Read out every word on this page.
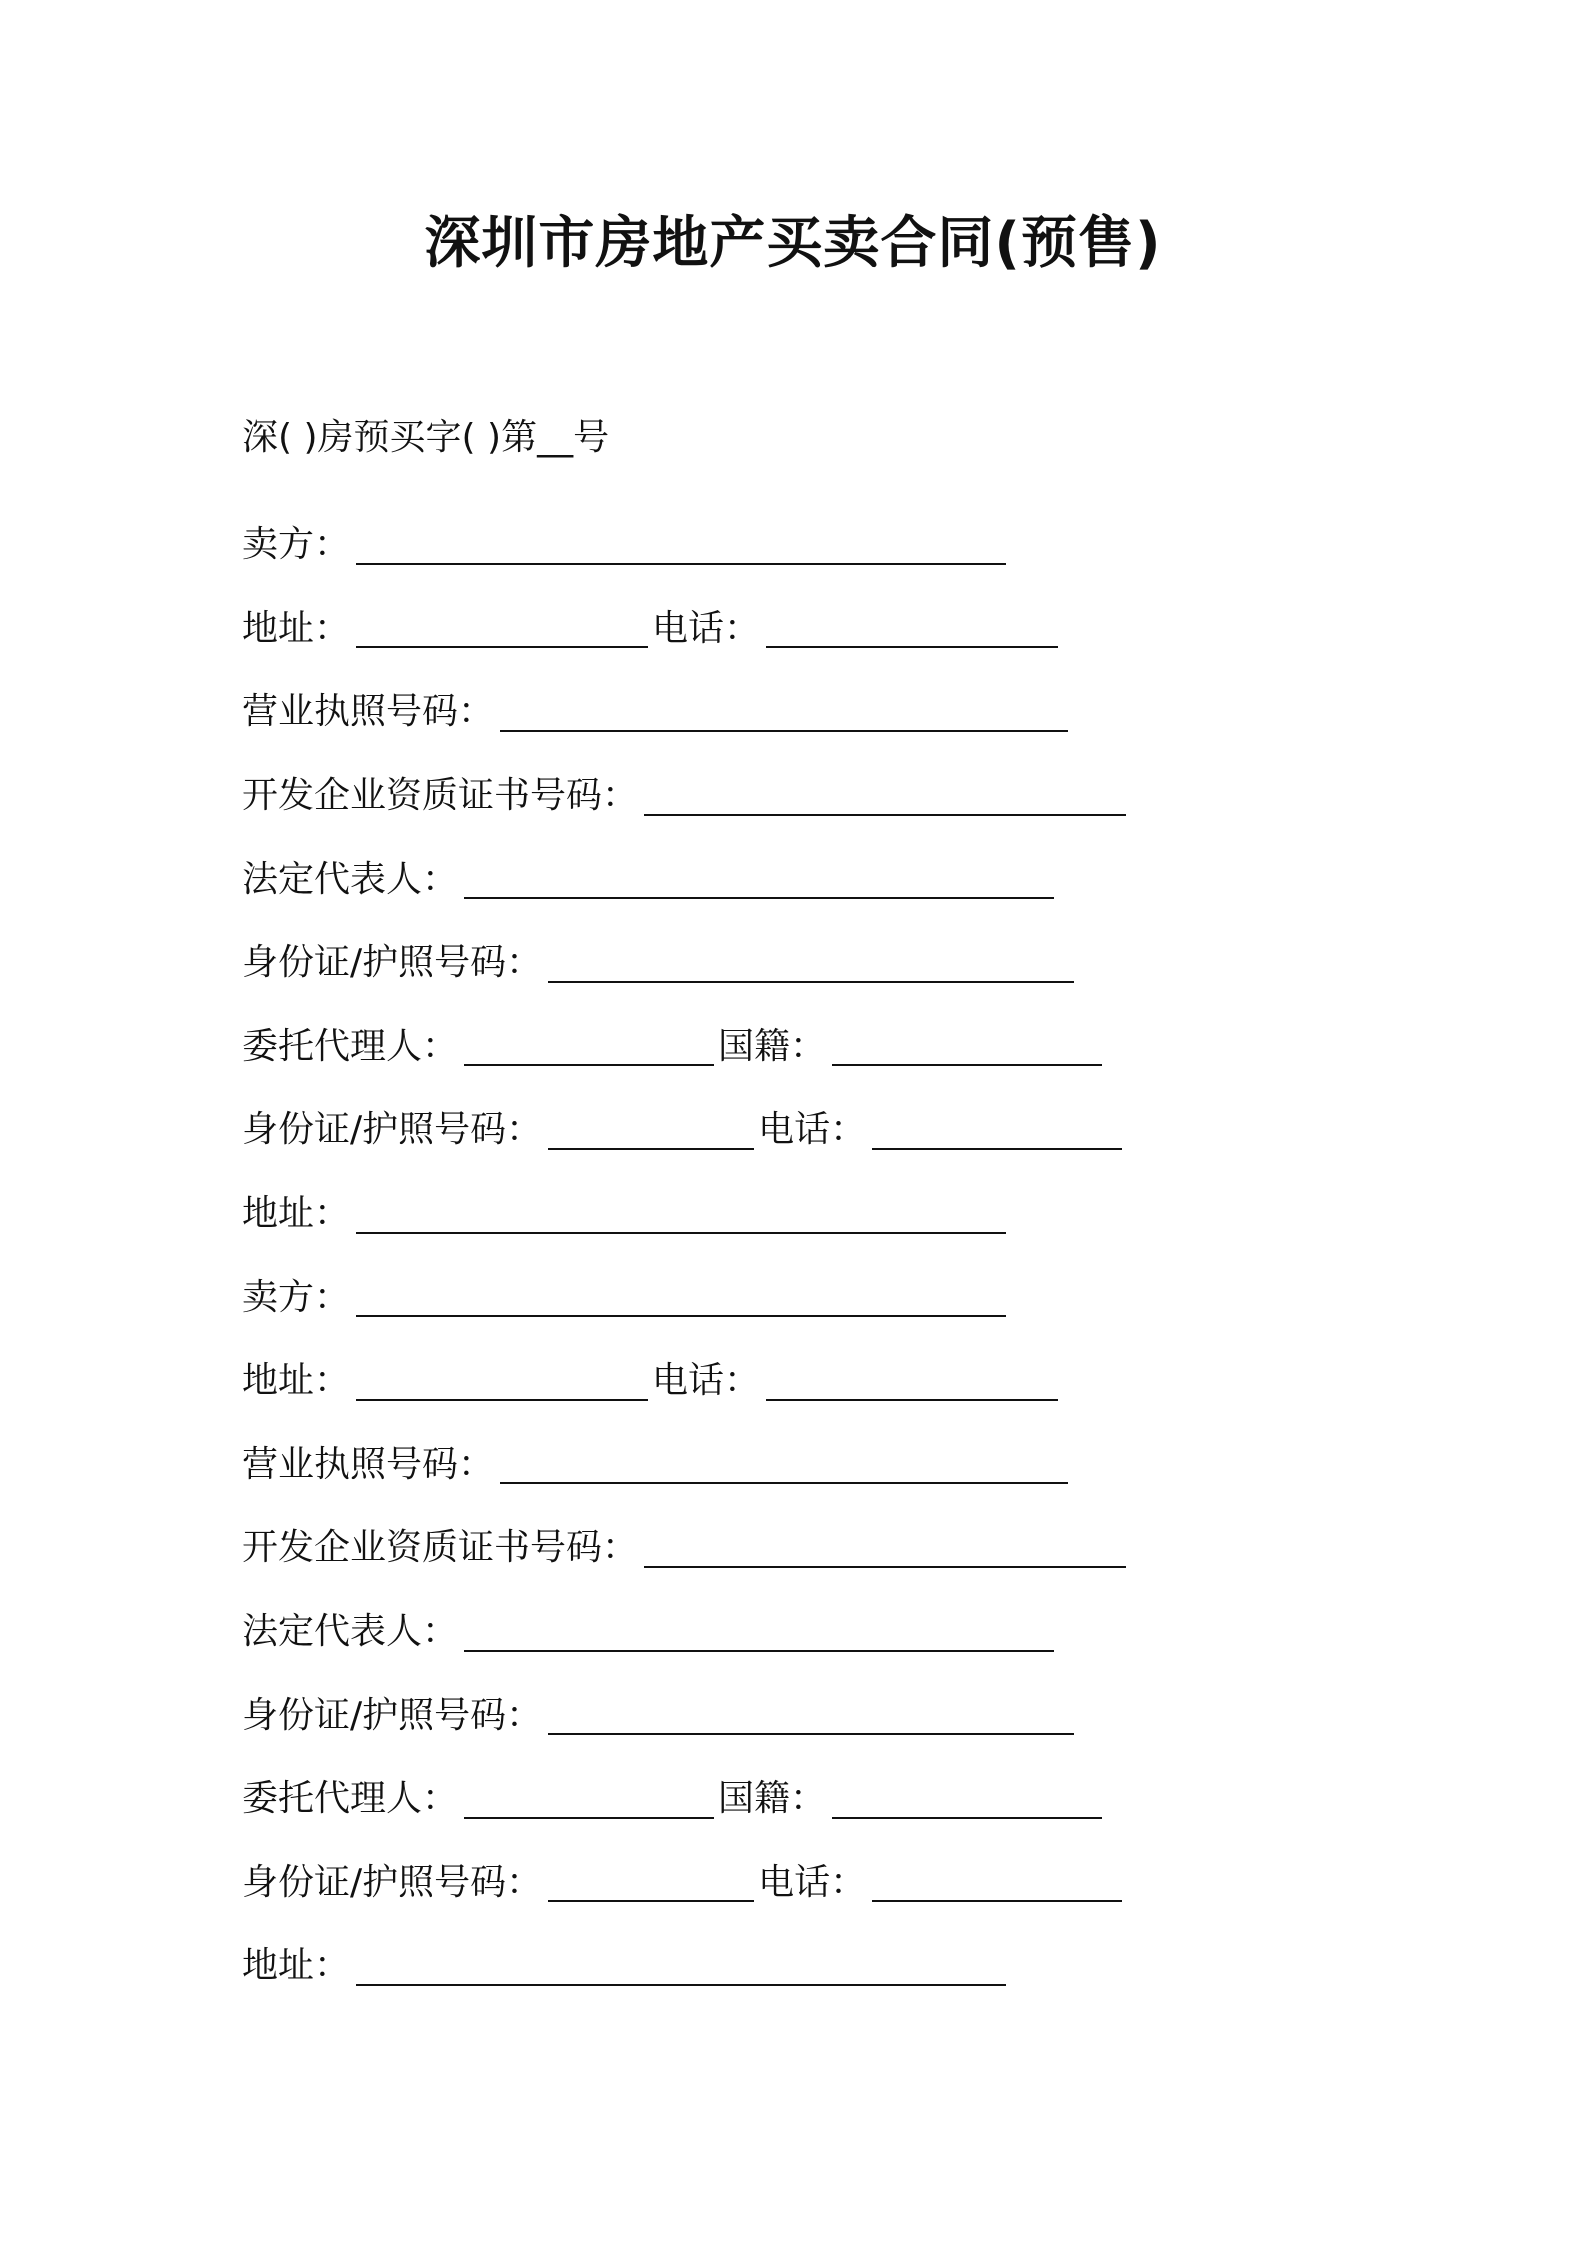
深圳市房地产买卖合同(预售)
深( )房预买字( )第__号
卖方：
地址：	电话：
营业执照号码：
开发企业资质证书号码：
法定代表人：
身份证/护照号码：
委托代理人：	国籍：
身份证/护照号码：	电话：
地址：
卖方：
地址：	电话：
营业执照号码：
开发企业资质证书号码：
法定代表人：
身份证/护照号码：
委托代理人：	国籍：
身份证/护照号码：	电话：
地址：
